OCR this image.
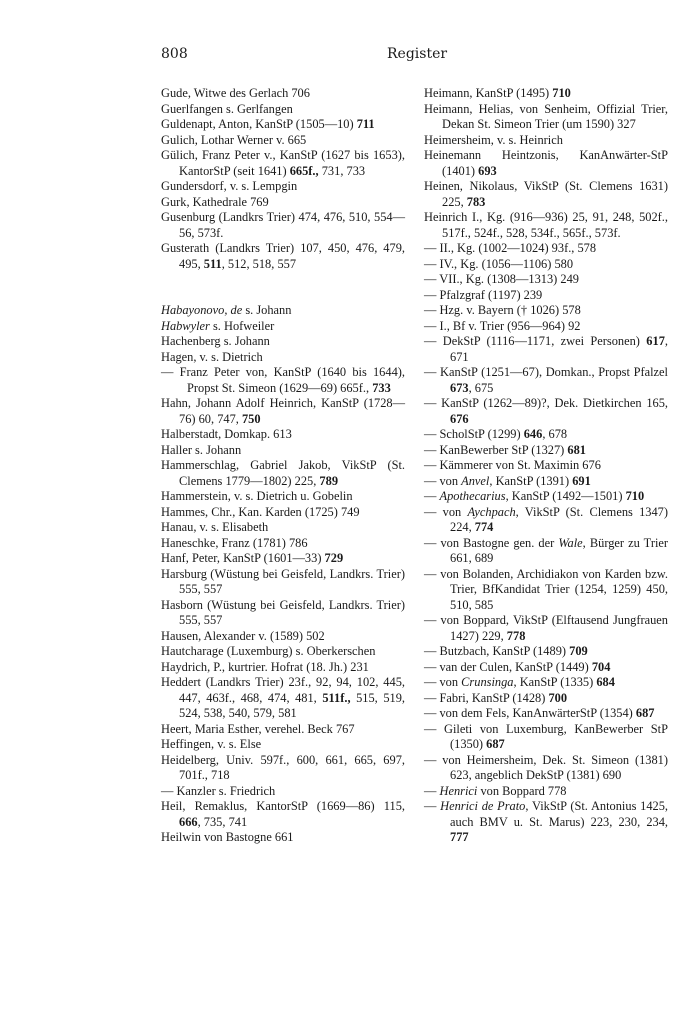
808	Register

Gude, Witwe des Gerlach 706

Guerlfangen s. Gerlfangen

Guldenapt, Anton, KanStP (1505—10) 711

Gulich, Lothar Werner v. 665

Gülich, Franz Peter v., KanStP (1627 bis 1653), KantorStP (seit 1641) 665f., 731, 733

Gundersdorf, v. s. Lempgin

Gurk, Kathedrale 769

Gusenburg (Landkrs Trier) 474, 476, 510, 554—56, 573f.

Gusterath (Landkrs Trier) 107, 450, 476, 479, 495, 511, 512, 518, 557

Habayonovo, de s. Johann

Habwyler s. Hofweiler

Hachenberg s. Johann

Hagen, v. s. Dietrich

— Franz Peter von, KanStP (1640 bis 1644), Propst St. Simeon (1629—69) 665f., 733

Hahn, Johann Adolf Heinrich, KanStP (1728—76) 60, 747, 750

Halberstadt, Domkap. 613

Haller s. Johann

Hammerschlag, Gabriel Jakob, VikStP (St. Clemens 1779—1802) 225, 789

Hammerstein, v. s. Dietrich u. Gobelin

Hammes, Chr., Kan. Karden (1725) 749

Hanau, v. s. Elisabeth

Haneschke, Franz (1781) 786

Hanf, Peter, KanStP (1601—33) 729

Harsburg (Wüstung bei Geisfeld, Landkrs. Trier) 555, 557

Hasborn (Wüstung bei Geisfeld, Landkrs. Trier) 555, 557

Hausen, Alexander v. (1589) 502

Hautcharage (Luxemburg) s. Oberkerschen

Haydrich, P., kurtrier. Hofrat (18. Jh.) 231

Heddert (Landkrs Trier) 23f., 92, 94, 102, 445, 447, 463f., 468, 474, 481, 511f., 515, 519, 524, 538, 540, 579, 581

Heert, Maria Esther, verehel. Beck 767

Heffingen, v. s. Else

Heidelberg, Univ. 597f., 600, 661, 665, 697, 701f., 718

— Kanzler s. Friedrich

Heil, Remaklus, KantorStP (1669—86) 115, 666, 735, 741

Heilwin von Bastogne 661

Heimann, KanStP (1495) 710

Heimann, Helias, von Senheim, Offizial Trier, Dekan St. Simeon Trier (um 1590) 327

Heimersheim, v. s. Heinrich

Heinemann Heintzonis, KanAnwärter-StP (1401) 693

Heinen, Nikolaus, VikStP (St. Clemens 1631) 225, 783

Heinrich I., Kg. (916—936) 25, 91, 248, 502f., 517f., 524f., 528, 534f., 565f., 573f.

— II., Kg. (1002—1024) 93f., 578

— IV., Kg. (1056—1106) 580

— VII., Kg. (1308—1313) 249

— Pfalzgraf (1197) 239

— Hzg. v. Bayern († 1026) 578

— I., Bf v. Trier (956—964) 92

— DekStP (1116—1171, zwei Personen) 617, 671

— KanStP (1251—67), Domkan., Propst Pfalzel 673, 675

— KanStP (1262—89)?, Dek. Dietkirchen 165, 676

— ScholStP (1299) 646, 678

— KanBewerber StP (1327) 681

— Kämmerer von St. Maximin 676

— von Anvel, KanStP (1391) 691

— Apothecarius, KanStP (1492—1501) 710

— von Aychpach, VikStP (St. Clemens 1347) 224, 774

— von Bastogne gen. der Wale, Bürger zu Trier 661, 689

— von Bolanden, Archidiakon von Karden bzw. Trier, BfKandidat Trier (1254, 1259) 450, 510, 585

— von Boppard, VikStP (Elftausend Jungfrauen 1427) 229, 778

— Butzbach, KanStP (1489) 709

— van der Culen, KanStP (1449) 704

— von Crunsinga, KanStP (1335) 684

— Fabri, KanStP (1428) 700

— von dem Fels, KanAnwärterStP (1354) 687

— Gileti von Luxemburg, KanBewerber StP (1350) 687

— von Heimersheim, Dek. St. Simeon (1381) 623, angeblich DekStP (1381) 690

— Henrici von Boppard 778

— Henrici de Prato, VikStP (St. Antonius 1425, auch BMV u. St. Marus) 223, 230, 234, 777
